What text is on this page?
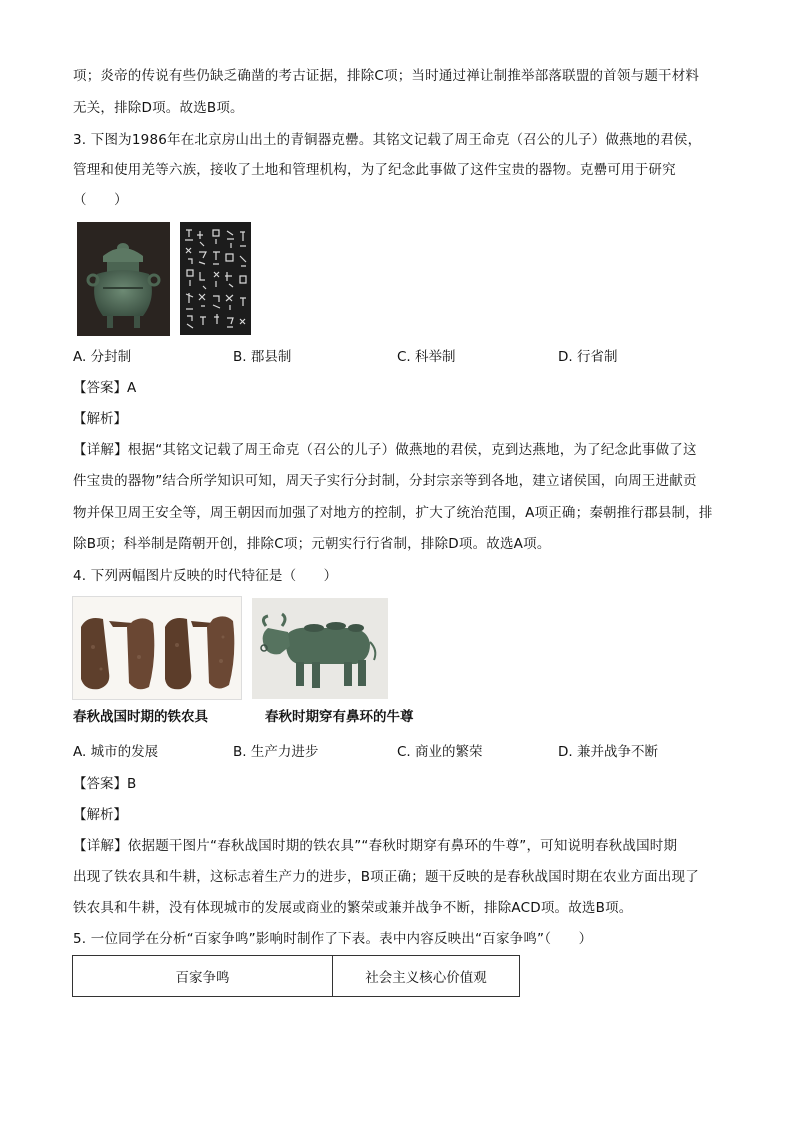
项；炎帝的传说有些仍缺乏确凿的考古证据，排除C项；当时通过禅让制推举部落联盟的首领与题干材料
无关，排除D项。故选B项。
3. 下图为1986年在北京房山出土的青铜器克罍。其铭文记载了周王命克（召公的儿子）做燕地的君侯，
管理和使用羌等六族，接收了土地和管理机构，为了纪念此事做了这件宝贵的器物。克罍可用于研究
（　　）
A. 分封制	B. 郡县制	C. 科举制	D. 行省制
【答案】A
【解析】
【详解】根据“其铭文记载了周王命克（召公的儿子）做燕地的君侯，克到达燕地，为了纪念此事做了这
件宝贵的器物”结合所学知识可知，周天子实行分封制，分封宗亲等到各地，建立诸侯国，向周王进献贡
物并保卫周王安全等，周王朝因而加强了对地方的控制，扩大了统治范围，A项正确；秦朝推行郡县制，排
除B项；科举制是隋朝开创，排除C项；元朝实行行省制，排除D项。故选A项。
4. 下列两幅图片反映的时代特征是（　　）
春秋战国时期的铁农具	春秋时期穿有鼻环的牛尊
A. 城市的发展	B. 生产力进步	C. 商业的繁荣	D. 兼并战争不断
【答案】B
【解析】
【详解】依据题干图片“春秋战国时期的铁农具”“春秋时期穿有鼻环的牛尊”，可知说明春秋战国时期
出现了铁农具和牛耕，这标志着生产力的进步，B项正确；题干反映的是春秋战国时期在农业方面出现了
铁农具和牛耕，没有体现城市的发展或商业的繁荣或兼并战争不断，排除ACD项。故选B项。
5. 一位同学在分析“百家争鸣”影响时制作了下表。表中内容反映出“百家争鸣”（　　）
百家争鸣	社会主义核心价值观
